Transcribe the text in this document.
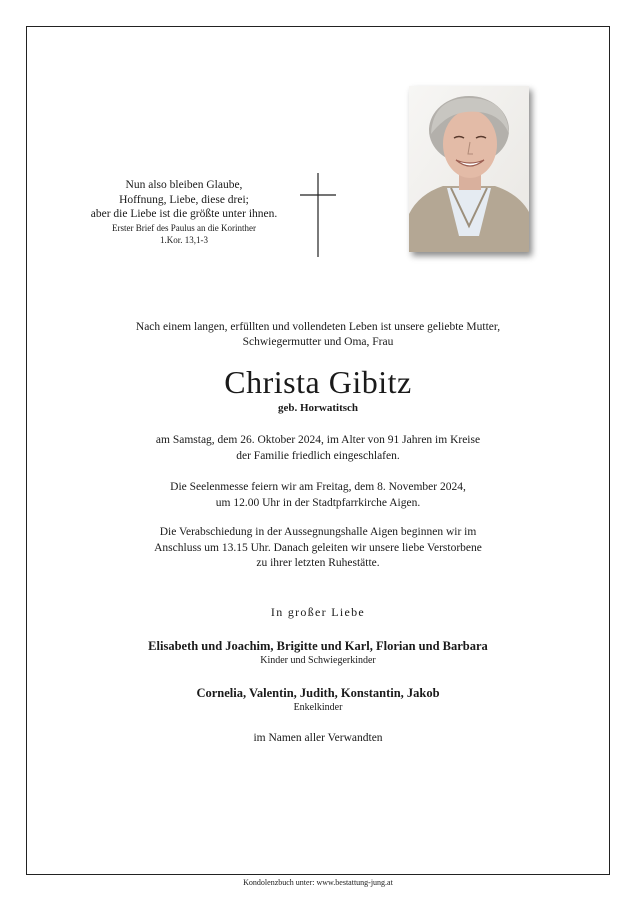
Nun also bleiben Glaube,
Hoffnung, Liebe, diese drei;
aber die Liebe ist die größte unter ihnen.
Erster Brief des Paulus an die Korinther
1.Kor. 13,1-3
Nach einem langen, erfüllten und vollendeten Leben ist unsere geliebte Mutter,
Schwiegermutter und Oma, Frau
Christa Gibitz
geb. Horwatitsch
am Samstag, dem 26. Oktober 2024, im Alter von 91 Jahren im Kreise
der Familie friedlich eingeschlafen.
Die Seelenmesse feiern wir am Freitag, dem 8. November 2024,
um 12.00 Uhr in der Stadtpfarrkirche Aigen.
Die Verabschiedung in der Aussegnungshalle Aigen beginnen wir im
Anschluss um 13.15 Uhr. Danach geleiten wir unsere liebe Verstorbene
zu ihrer letzten Ruhestätte.
In großer Liebe
Elisabeth und Joachim, Brigitte und Karl, Florian und Barbara
Kinder und Schwiegerkinder
Cornelia, Valentin, Judith, Konstantin, Jakob
Enkelkinder
im Namen aller Verwandten
Kondolenzbuch unter: www.bestattung-jung.at
